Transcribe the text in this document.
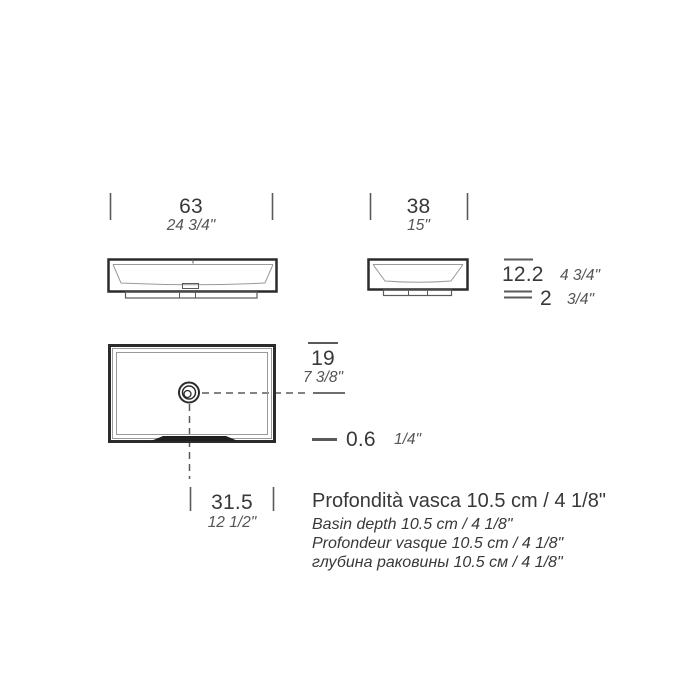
63
24 3/4"
38
15"
12.2 4 3/4"
2 3/4"
19
7 3/8"
0.6 1/4"
31.5
12 1/2"
Profondità vasca 10.5 cm / 4 1/8"
Basin depth 10.5 cm / 4 1/8"
Profondeur vasque 10.5 cm / 4 1/8"
глубина раковины 10.5 см / 4 1/8"
